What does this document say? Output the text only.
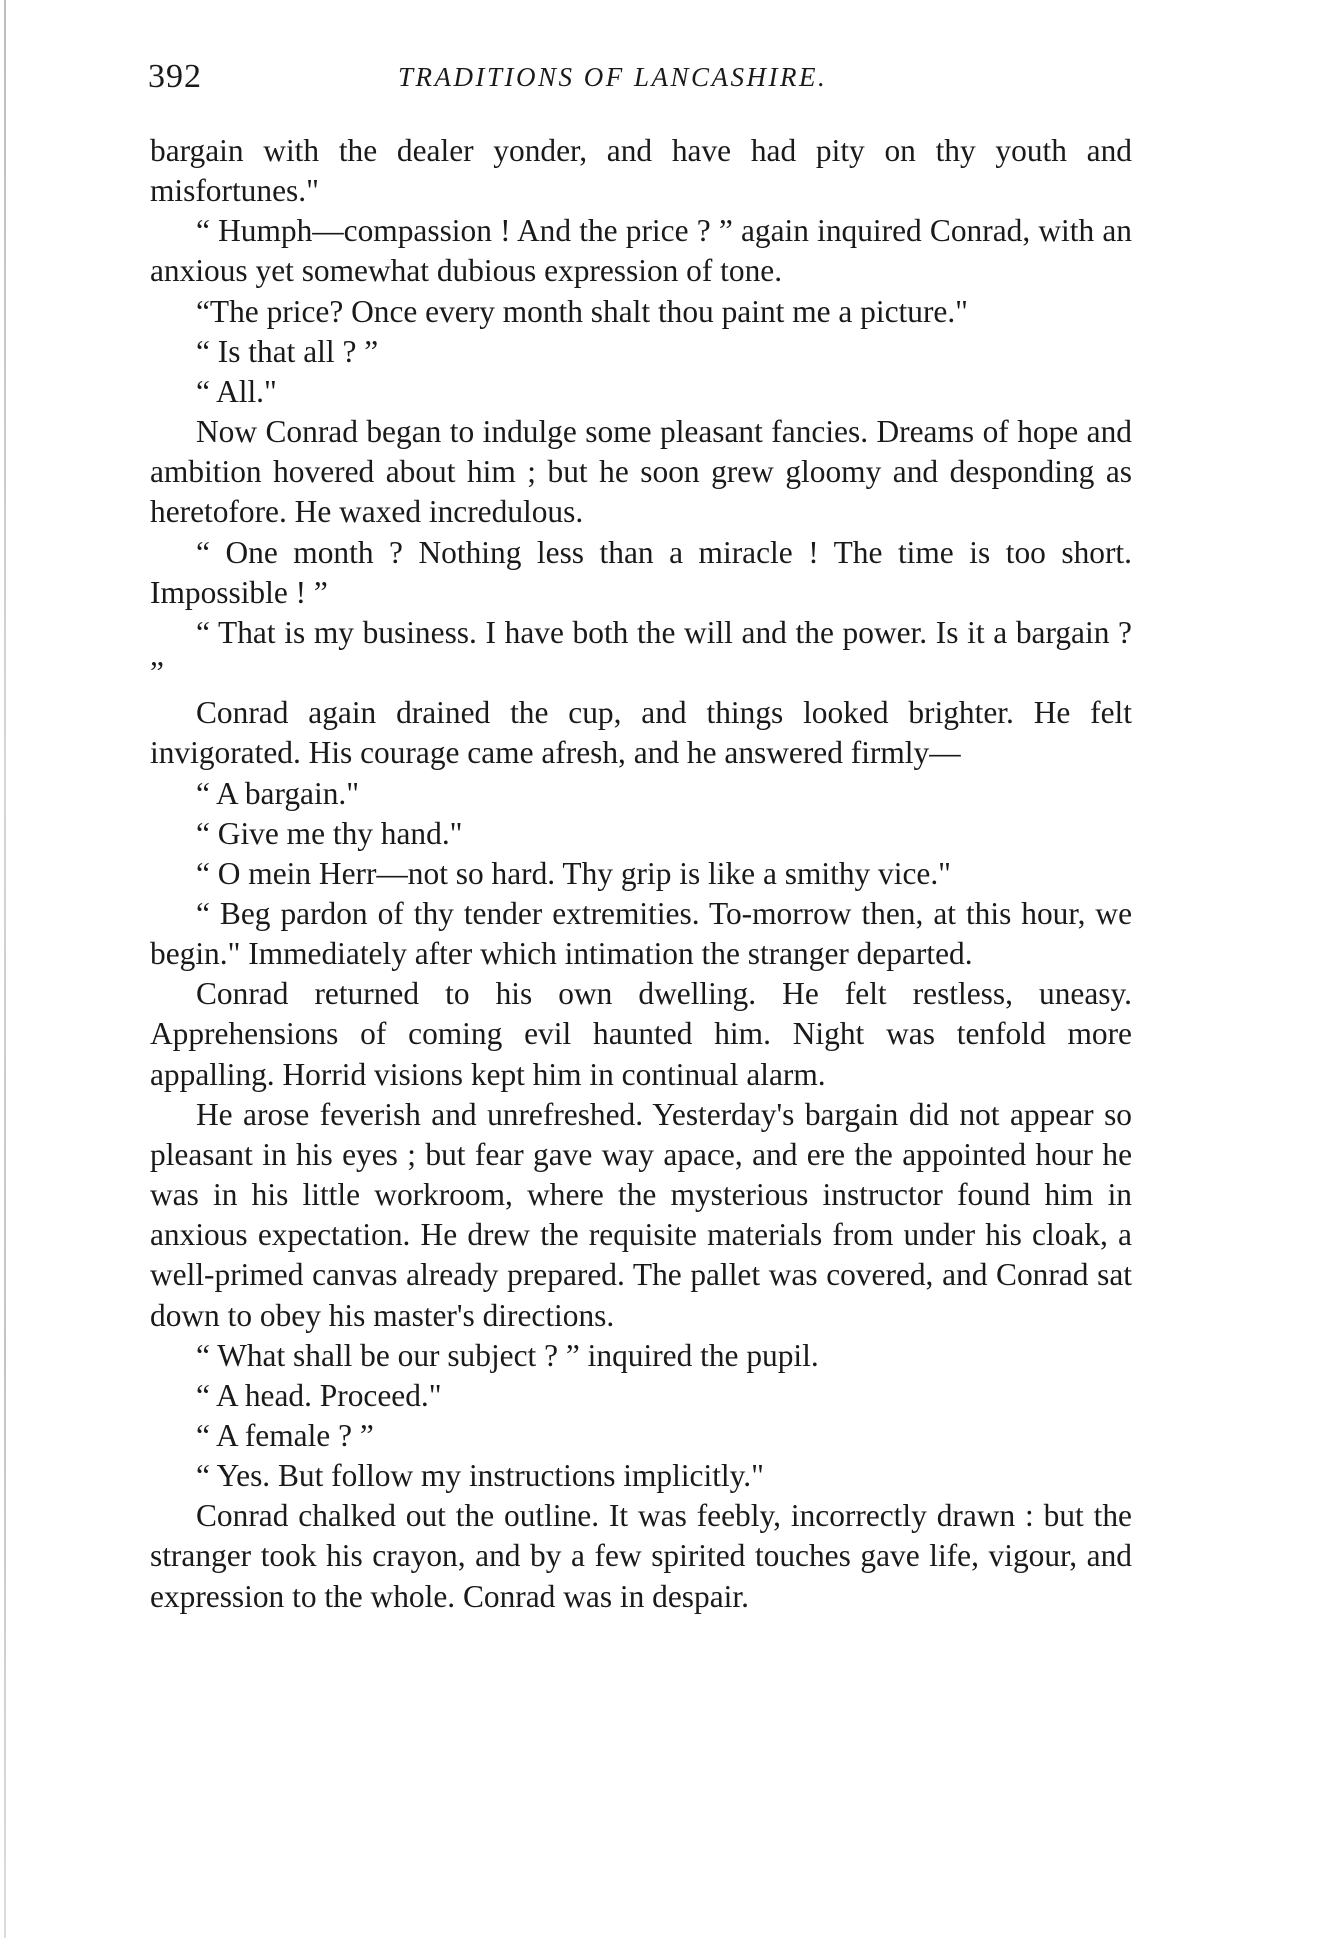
392	TRADITIONS OF LANCASHIRE.

bargain with the dealer yonder, and have had pity on thy youth and misfortunes."

“ Humph—compassion ! And the price ? ” again inquired Conrad, with an anxious yet somewhat dubious expression of tone.

“The price? Once every month shalt thou paint me a picture."

“ Is that all ? ”

“ All."

Now Conrad began to indulge some pleasant fancies. Dreams of hope and ambition hovered about him ; but he soon grew gloomy and desponding as heretofore. He waxed incredulous.

“ One month ? Nothing less than a miracle ! The time is too short. Impossible ! ”

“ That is my business. I have both the will and the power. Is it a bargain ? ”

Conrad again drained the cup, and things looked brighter. He felt invigorated. His courage came afresh, and he answered firmly—

“ A bargain."

“ Give me thy hand."

“ O mein Herr—not so hard. Thy grip is like a smithy vice."

“ Beg pardon of thy tender extremities. To-morrow then, at this hour, we begin." Immediately after which intimation the stranger departed.

Conrad returned to his own dwelling. He felt restless, uneasy. Apprehensions of coming evil haunted him. Night was tenfold more appalling. Horrid visions kept him in continual alarm.

He arose feverish and unrefreshed. Yesterday's bargain did not appear so pleasant in his eyes ; but fear gave way apace, and ere the appointed hour he was in his little workroom, where the mysterious instructor found him in anxious expectation. He drew the requisite materials from under his cloak, a well-primed canvas already prepared. The pallet was covered, and Conrad sat down to obey his master's directions.

“ What shall be our subject ? ” inquired the pupil.

“ A head. Proceed."

“ A female ? ”

“ Yes. But follow my instructions implicitly."

Conrad chalked out the outline. It was feebly, incorrectly drawn : but the stranger took his crayon, and by a few spirited touches gave life, vigour, and expression to the whole. Conrad was in despair.
